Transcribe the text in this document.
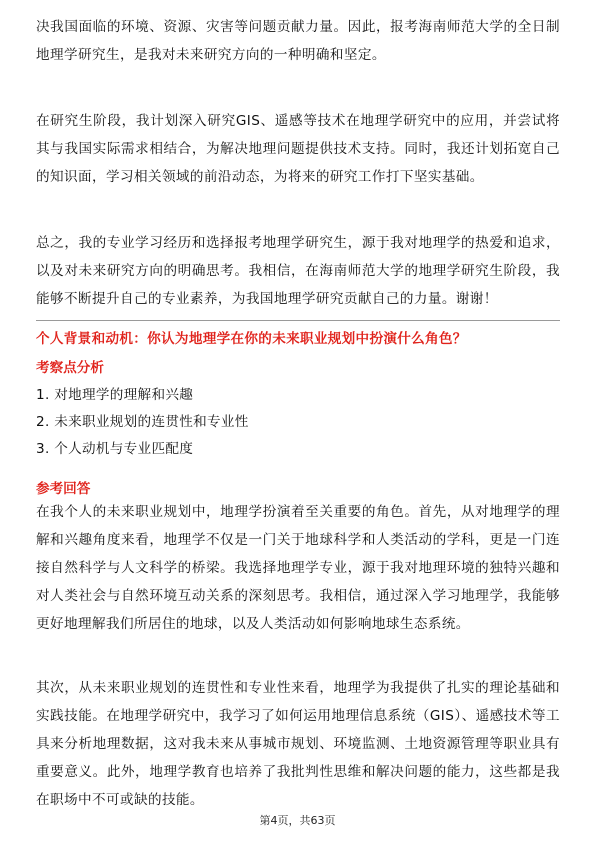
决我国面临的环境、资源、灾害等问题贡献力量。因此，报考海南师范大学的全日制地理学研究生，是我对未来研究方向的一种明确和坚定。

在研究生阶段，我计划深入研究GIS、遥感等技术在地理学研究中的应用，并尝试将其与我国实际需求相结合，为解决地理问题提供技术支持。同时，我还计划拓宽自己的知识面，学习相关领域的前沿动态，为将来的研究工作打下坚实基础。

总之，我的专业学习经历和选择报考地理学研究生，源于我对地理学的热爱和追求，以及对未来研究方向的明确思考。我相信，在海南师范大学的地理学研究生阶段，我能够不断提升自己的专业素养，为我国地理学研究贡献自己的力量。谢谢！

个人背景和动机：你认为地理学在你的未来职业规划中扮演什么角色？

考察点分析

1. 对地理学的理解和兴趣
2. 未来职业规划的连贯性和专业性
3. 个人动机与专业匹配度

参考回答

在我个人的未来职业规划中，地理学扮演着至关重要的角色。首先，从对地理学的理解和兴趣角度来看，地理学不仅是一门关于地球科学和人类活动的学科，更是一门连接自然科学与人文科学的桥梁。我选择地理学专业，源于我对地理环境的独特兴趣和对人类社会与自然环境互动关系的深刻思考。我相信，通过深入学习地理学，我能够更好地理解我们所居住的地球，以及人类活动如何影响地球生态系统。

其次，从未来职业规划的连贯性和专业性来看，地理学为我提供了扎实的理论基础和实践技能。在地理学研究中，我学习了如何运用地理信息系统（GIS）、遥感技术等工具来分析地理数据，这对我未来从事城市规划、环境监测、土地资源管理等职业具有重要意义。此外，地理学教育也培养了我批判性思维和解决问题的能力，这些都是我在职场中不可或缺的技能。

第4页，共63页
